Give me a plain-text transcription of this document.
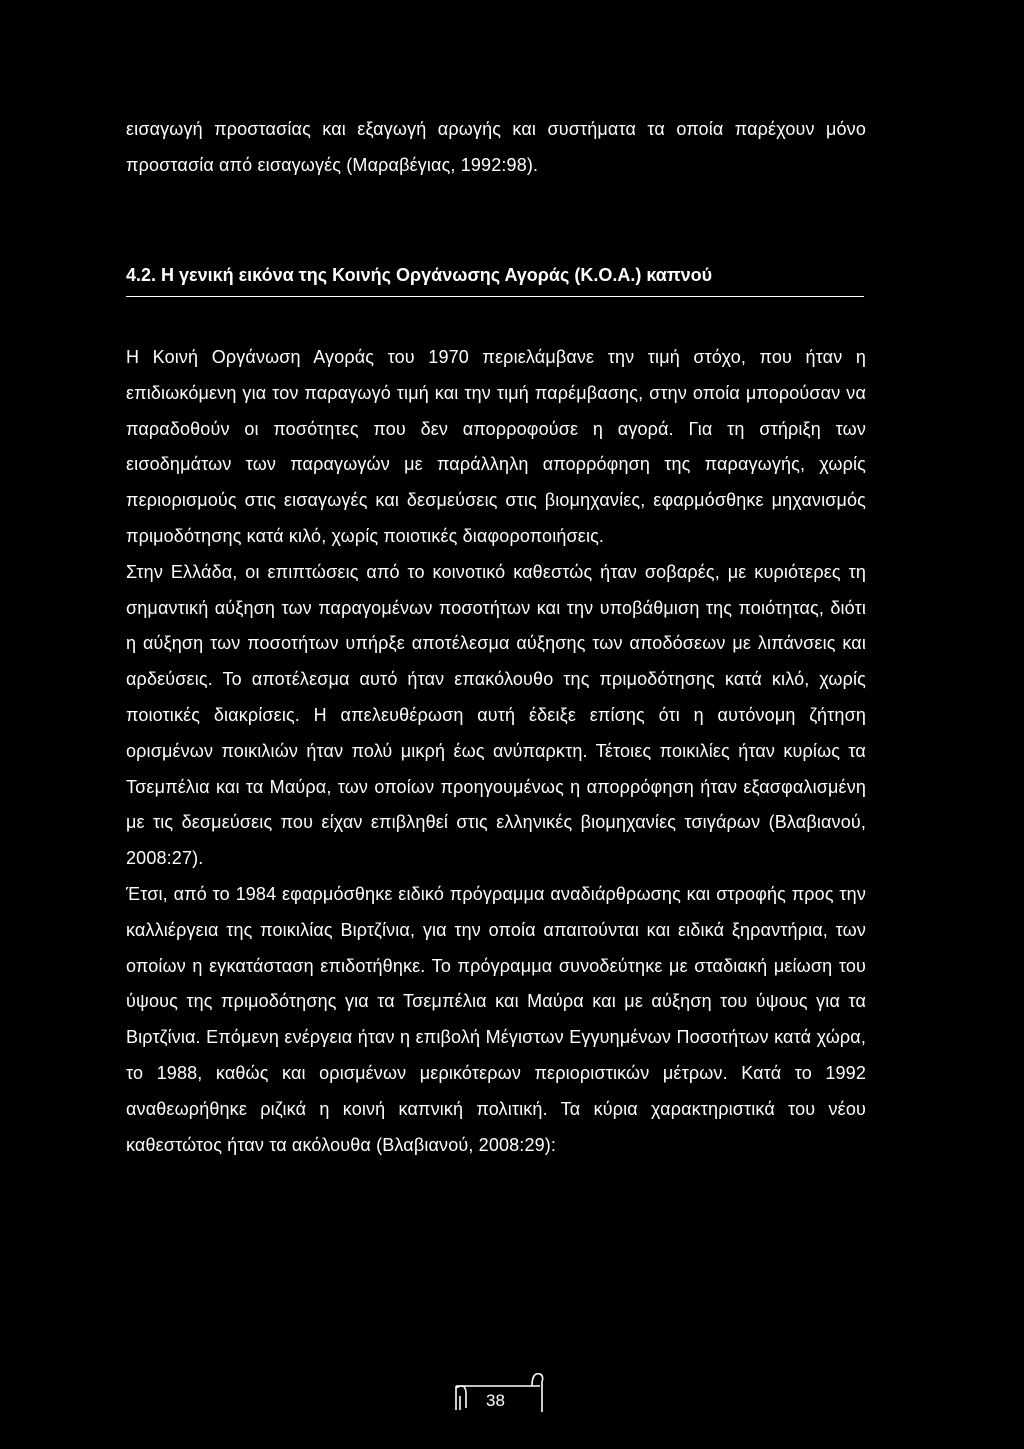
εισαγωγή προστασίας και εξαγωγή αρωγής και συστήματα τα οποία παρέχουν μόνο προστασία από εισαγωγές (Μαραβέγιας, 1992:98).
4.2. Η γενική εικόνα της Κοινής Οργάνωσης Αγοράς (Κ.Ο.Α.) καπνού

Η Κοινή Οργάνωση Αγοράς του 1970 περιελάμβανε την τιμή στόχο, που ήταν η επιδιωκόμενη για τον παραγωγό τιμή και την τιμή παρέμβασης, στην οποία μπορούσαν να παραδοθούν οι ποσότητες που δεν απορροφούσε η αγορά. Για τη στήριξη των εισοδημάτων των παραγωγών με παράλληλη απορρόφηση της παραγωγής, χωρίς περιορισμούς στις εισαγωγές και δεσμεύσεις στις βιομηχανίες, εφαρμόσθηκε μηχανισμός πριμοδότησης κατά κιλό, χωρίς ποιοτικές διαφοροποιήσεις.

Στην Ελλάδα, οι επιπτώσεις από το κοινοτικό καθεστώς ήταν σοβαρές, με κυριότερες τη σημαντική αύξηση των παραγομένων ποσοτήτων και την υποβάθμιση της ποιότητας, διότι η αύξηση των ποσοτήτων υπήρξε αποτέλεσμα αύξησης των αποδόσεων με λιπάνσεις και αρδεύσεις. Το αποτέλεσμα αυτό ήταν επακόλουθο της πριμοδότησης κατά κιλό, χωρίς ποιοτικές διακρίσεις. Η απελευθέρωση αυτή έδειξε επίσης ότι η αυτόνομη ζήτηση ορισμένων ποικιλιών ήταν πολύ μικρή έως ανύπαρκτη. Τέτοιες ποικιλίες ήταν κυρίως τα Τσεμπέλια και τα Μαύρα, των οποίων προηγουμένως η απορρόφηση ήταν εξασφαλισμένη με τις δεσμεύσεις που είχαν επιβληθεί στις ελληνικές βιομηχανίες τσιγάρων (Βλαβιανού, 2008:27).

Έτσι, από το 1984 εφαρμόσθηκε ειδικό πρόγραμμα αναδιάρθρωσης και στροφής προς την καλλιέργεια της ποικιλίας Βιρτζίνια, για την οποία απαιτούνται και ειδικά ξηραντήρια, των οποίων η εγκατάσταση επιδοτήθηκε. Το πρόγραμμα συνοδεύτηκε με σταδιακή μείωση του ύψους της πριμοδότησης για τα Τσεμπέλια και Μαύρα και με αύξηση του ύψους για τα Βιρτζίνια. Επόμενη ενέργεια ήταν η επιβολή Μέγιστων Εγγυημένων Ποσοτήτων κατά χώρα, το 1988, καθώς και ορισμένων μερικότερων περιοριστικών μέτρων. Κατά το 1992 αναθεωρήθηκε ριζικά η κοινή καπνική πολιτική. Τα κύρια χαρακτηριστικά του νέου καθεστώτος ήταν τα ακόλουθα (Βλαβιανού, 2008:29):

38
